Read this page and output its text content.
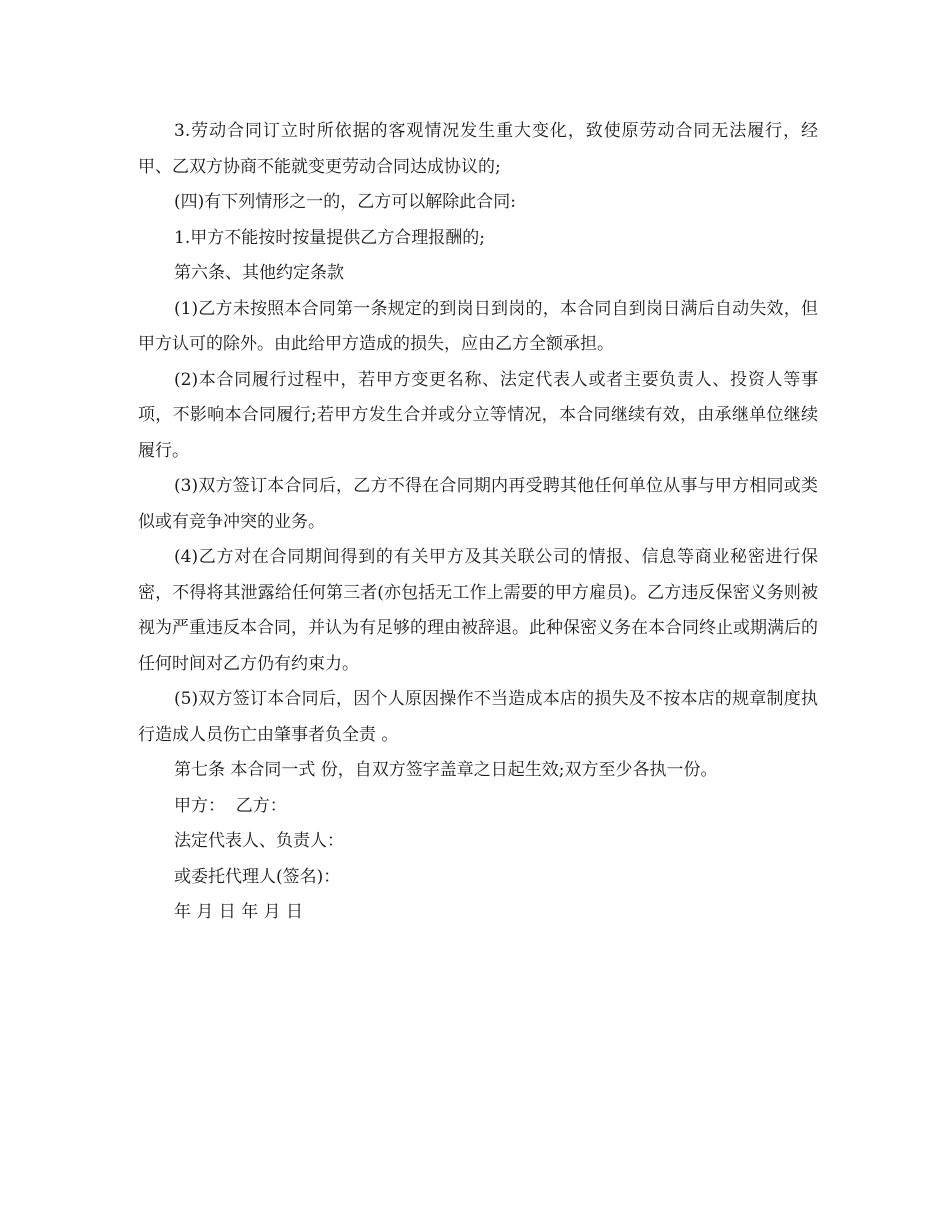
3.劳动合同订立时所依据的客观情况发生重大变化，致使原劳动合同无法履行，经甲、乙双方协商不能就变更劳动合同达成协议的;

(四)有下列情形之一的，乙方可以解除此合同:

1.甲方不能按时按量提供乙方合理报酬的;

第六条、其他约定条款

(1)乙方未按照本合同第一条规定的到岗日到岗的，本合同自到岗日满后自动失效，但甲方认可的除外。由此给甲方造成的损失，应由乙方全额承担。

(2)本合同履行过程中，若甲方变更名称、法定代表人或者主要负责人、投资人等事项，不影响本合同履行;若甲方发生合并或分立等情况，本合同继续有效，由承继单位继续履行。

(3)双方签订本合同后，乙方不得在合同期内再受聘其他任何单位从事与甲方相同或类似或有竞争冲突的业务。

(4)乙方对在合同期间得到的有关甲方及其关联公司的情报、信息等商业秘密进行保密，不得将其泄露给任何第三者(亦包括无工作上需要的甲方雇员)。乙方违反保密义务则被视为严重违反本合同，并认为有足够的理由被辞退。此种保密义务在本合同终止或期满后的任何时间对乙方仍有约束力。

(5)双方签订本合同后，因个人原因操作不当造成本店的损失及不按本店的规章制度执行造成人员伤亡由肇事者负全责 。

第七条 本合同一式 份，自双方签字盖章之日起生效;双方至少各执一份。

甲方：  乙方：

法定代表人、负责人：

或委托代理人(签名)：

年 月 日 年 月 日
